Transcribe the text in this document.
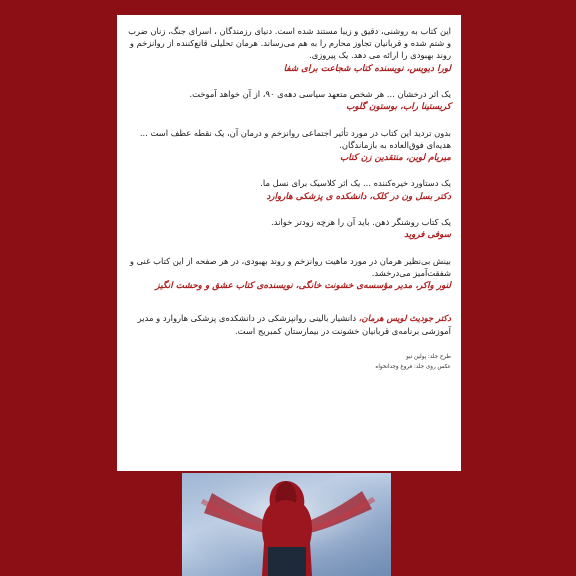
این کتاب به روشنی، دقیق و زیبا مستند شده است. دنیای رزمندگان ، اسرای جنگ، زنان ضرب و شتم شده و قربانیان تجاوز محارم را به هم می‌رساند. هرمان تحلیلی قانع‌کننده از روانزخم و روند بهبودی را ارائه می دهد. یک پیروزی.

لورا دیویس، نویسنده کتاب شجاعت برای شفا

یک اثر درخشان ... هر شخص متعهد سیاسی دهه‌ی ۹۰، از آن خواهد آموخت.

کریستینا راب، بوستون گلوب

بدون تردید این کتاب در مورد تأثیر اجتماعی روانزخم و درمان آن، یک نقطه عطف است ... هدیه‌ای فوق‌العاده به بازماندگان.

میریام لوین، منتقدین زن کتاب

یک دستاورد خیره‌کننده ... یک اثر کلاسیک برای نسل ما.

دکتر بسل ون در کلک، دانشکده ی پزشکی هاروارد

یک کتاب روشنگر ذهن. باید آن را هرچه زودتر خواند.

سوفی فروید

بینش بی‌نظیر هرمان در مورد ماهیت روانزخم و روند بهبودی، در هر صفحه از این کتاب غنی و شفقت‌آمیز می‌درخشد.

لنور واکر، مدیر مؤسسه‌ی خشونت خانگی، نویسنده‌ی کتاب عشق و وحشت انگیز

دکتر جودیث لویس هرمان، دانشیار بالینی روانپزشکی در دانشکده‌ی پزشکی هاروارد و مدیر آموزشی برنامه‌ی قربانیان خشونت در بیمارستان کمبریج است.

طرح جلد: پولین تبو
عکس روی جلد: فروغ وجدانخواه
